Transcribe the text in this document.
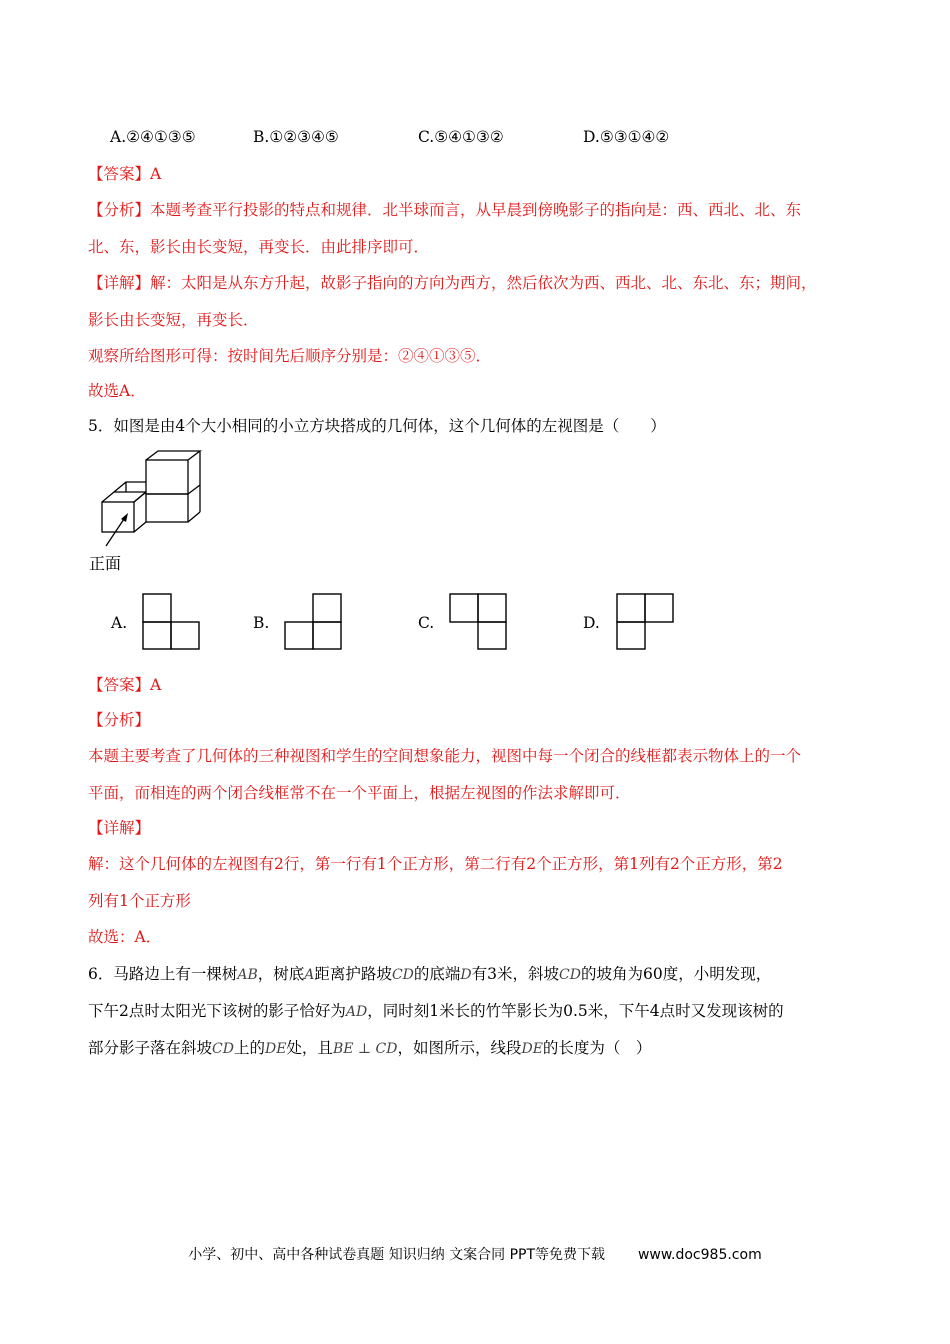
A.②④①③⑤	B.①②③④⑤	C.⑤④①③②	D.⑤③①④②
【答案】A
【分析】本题考查平行投影的特点和规律．北半球而言，从早晨到傍晚影子的指向是：西、西北、北、东
北、东，影长由长变短，再变长．由此排序即可．
【详解】解：太阳是从东方升起，故影子指向的方向为西方，然后依次为西、西北、北、东北、东；期间，
影长由长变短，再变长．
观察所给图形可得：按时间先后顺序分别是：②④①③⑤．
故选A．
5．如图是由4个大小相同的小立方块搭成的几何体，这个几何体的左视图是（　　）
正面
A.	B.	C.	D.
【答案】A
【分析】
本题主要考查了几何体的三种视图和学生的空间想象能力，视图中每一个闭合的线框都表示物体上的一个
平面，而相连的两个闭合线框常不在一个平面上，根据左视图的作法求解即可．
【详解】
解：这个几何体的左视图有2行，第一行有1个正方形，第二行有2个正方形，第1列有2个正方形，第2
列有1个正方形
故选：A．
6．马路边上有一棵树AB，树底A距离护路坡CD的底端D有3米，斜坡CD的坡角为60度，小明发现，
下午2点时太阳光下该树的影子恰好为AD，同时刻1米长的竹竿影长为0.5米，下午4点时又发现该树的
部分影子落在斜坡CD上的DE处，且BE ⊥ CD，如图所示，线段DE的长度为（　）
小学、初中、高中各种试卷真题 知识归纳 文案合同 PPT等免费下载 www.doc985.com
